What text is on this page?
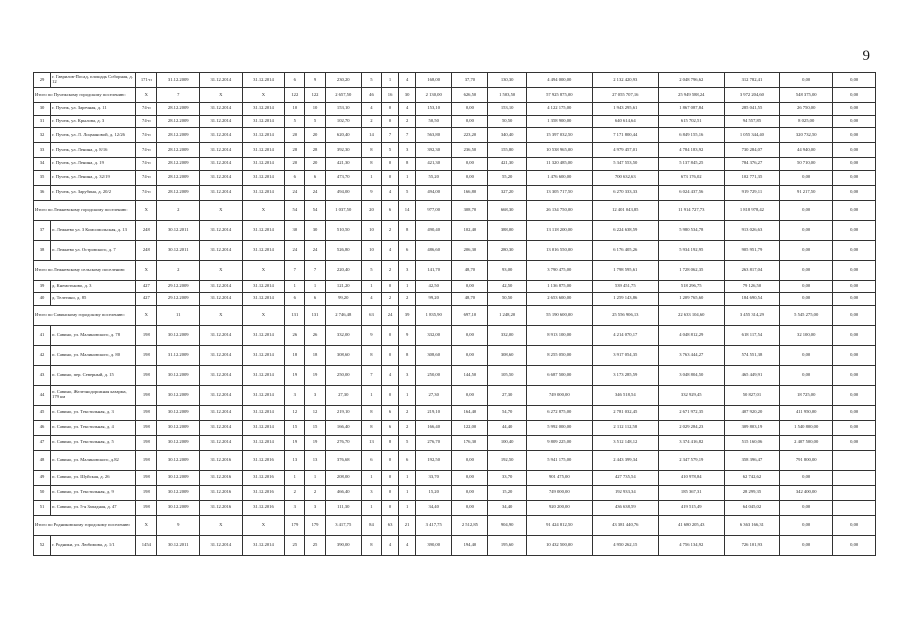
9
29	г. Гаврилов-Посад, площадь Соборная, д. 12	171-п	31.12.2009	31.12.2014	31.12.2014	6	9	230,20	5	1	4	168,00	37,70	130,30	4 494 000,00	2 132 420,93	2 048 796,62	312 782,41	0,00	0,00
Итого по Пучежскому городскому поселению:		X	7	X	X	122	122	2 657,50	46	16	30	2 130,00	626,50	1 503,50	57 925 875,00	27 055 707,16	25 949 588,24	3 972 204,60	548 375,00	0,00
30	г. Пучеж, ул. Заречная, д. 11	74-п	28.12.2009	31.12.2014	31.12.2014	10	10	153,10	4	0	4	153,10	0,00	153,10	4 122 175,00	1 943 295,61	1 867 087,84	285 041,55	26 750,00	0,00
31	г. Пучеж, ул. Крылова, д. 3	74-п	28.12.2009	31.12.2014	31.12.2014	5	5	102,70	2	0	2	50,50	0,00	50,50	1 358 900,00	640 614,64	615 702,51	94 557,85	8 025,00	0,00
32	г. Пучеж, ул. Л. Лоцмановой, д. 12/26	74-п	28.12.2009	31.12.2014	31.12.2014	20	20	620,40	14	7	7	563,80	223,20	340,40	15 397 032,50	7 171 800,44	6 849 155,16	1 055 344,40	320 732,50	0,00
33	г. Пучеж, ул. Ленина, д. 8/16	74-п	28.12.2009	31.12.2014	31.12.2014	28	28	392,30	8	5	3	392,30	236,50	155,80	10 538 965,00	4 979 457,01	4 784 183,92	730 284,07	44 940,00	0,00
34	г. Пучеж, ул. Ленина, д. 19	74-п	28.12.2009	31.12.2014	31.12.2014	20	20	421,30	8	0	8	421,30	0,00	421,30	11 320 485,00	5 347 553,50	5 137 845,25	784 376,27	50 710,00	0,00
35	г. Пучеж, ул. Ленина, д. 32/19	74-п	28.12.2009	31.12.2014	31.12.2014	6	6	473,70	1	0	1	55,20	0,00	55,20	1 476 600,00	700 632,63	673 176,02	102 771,35	0,00	0,00
36	г. Пучеж, ул. Зарубина, д. 20/2	74-п	28.12.2009	31.12.2014	31.12.2014	24	24	494,00	9	4	5	494,00	166,80	327,20	13 305 717,50	6 270 333,33	6 024 437,56	919 729,11	91 217,50	0,00
Итого по Лежневскому городскому поселению:		X	2	X	X	54	54	1 037,50	20	6	14	977,00	308,70	668,30	26 134 750,00	12 401 043,85	11 914 727,73	1 818 978,42	0,00	0,00
37	п. Лежнево ул. 3 Комсомольская, д. 13	248	30.12.2011	31.12.2014	31.12.2014	30	30	510,50	10	2	8	490,40	102,40	388,00	13 118 200,00	6 224 638,59	5 980 534,78	913 026,63	0,00	0,00
38	п. Лежнево ул. Островского, д. 7	248	30.12.2011	31.12.2014	31.12.2014	24	24	526,80	10	4	6	486,60	206,30	280,30	13 016 550,00	6 176 405,26	5 934 192,95	905 951,79	0,00	0,00
Итого по Лежневскому сельскому поселению:		X	2	X	X	7	7	220,40	5	2	3	141,70	48,70	93,00	3 790 475,00	1 798 595,61	1 728 062,35	263 817,04	0,00	0,00
39	д. Кнемотьково, д. 3	427	29.12.2009	31.12.2014	31.12.2014	1	1	121,20	1	0	1	42,50	0,00	42,50	1 136 875,00	539 451,75	518 296,75	79 126,50	0,00	0,00
40	д. Телегино, д. 85	427	29.12.2009	31.12.2014	31.12.2014	6	6	99,20	4	2	2	99,20	48,70	50,50	2 653 600,00	1 259 143,86	1 209 765,60	184 690,54	0,00	0,00
Итого по Савинскому городскому поселению:		X	11	X	X	131	131	2 746,48	63	24	39	1 835,90	697,10	1 248,20	55 190 600,00	25 556 906,13	22 633 104,60	3 455 314,29	5 545 275,00	0,00
41	п. Савино, ул. Малиновского, д. 78	198	30.12.2009	31.12.2014	31.12.2014	26	26	332,00	9	0	9	332,00	0,00	332,00	8 913 100,00	4 214 070,17	4 048 812,29	618 117,54	32 100,00	0,00
42	п. Савино, ул. Малиновского, д. 80	198	31.12.2009	31.12.2014	31.12.2014	18	18	308,60	8	0	8	308,60	0,00	308,60	8 255 050,00	3 917 054,35	3 763 444,27	574 551,38	0,00	0,00
43	п. Савино, пер. Северный, д. 15	198	30.12.2009	31.12.2014	31.12.2014	19	19	250,00	7	4	3	250,00	144,50	105,50	6 687 500,00	3 173 285,59	3 048 804,50	465 449,91	0,00	0,00
44	п. Савино, Железнодорожная казарма, 179 км	198	30.12.2009	31.12.2014	31.12.2014	3	3	27,30	1	0	1	27,30	0,00	27,30	749 000,00	346 518,54	332 929,45	50 827,01	18 725,00	0,00
45	п. Савино, ул. Текстильная, д. 3	198	30.12.2009	31.12.2014	31.12.2014	12	12	219,10	8	6	2	219,10	164,40	54,70	6 272 875,00	2 781 032,45	2 671 972,35	407 920,20	411 950,00	0,00
46	п. Савино, ул. Текстильная, д. 4	198	30.12.2009	31.12.2014	31.12.2014	15	15	166,40	8	6	2	166,40	122,00	44,40	5 992 000,00	2 112 112,58	2 029 284,23	309 803,19	1 540 800,00	0,00
47	п. Савино, ул. Текстильная, д. 5	198	30.12.2009	31.12.2014	31.12.2014	19	19	276,70	13	8	5	276,70	176,30	100,40	9 809 225,00	3 512 148,12	3 374 416,82	515 160,06	2 407 500,00	0,00
48	п. Савино, ул. Малиновского, д.82	198	30.12.2009	31.12.2016	31.12.2016	13	13	376,68	6	0	6	192,50	0,00	192,50	5 941 175,00	2 443 399,34	2 347 579,19	358 396,47	791 800,00	
49	п. Савино, ул. Шуйская, д. 26	198	30.12.2009	31.12.2016	31.12.2016	1	1	208,00	1	0	1	33,70	0,00	33,70	901 475,00	427 735,54	410 978,84	62 742,62	0,00	
50	п. Савино, ул. Текстильная, д. 9	198	30.12.2009	31.12.2016	31.12.2016	2	2	466,40	3	0	1	15,20	0,00	15,20	749 000,00	192 933,34	185 367,31	28 299,35	342 400,00	
51	п. Савино, ул. 5-я Западная, д. 47	198	30.12.2009	31.12.2016	31.12.2016	3	3	111,30	1	0	1	34,40	0,00	34,40	920 200,00	436 638,59	419 515,49	64 045,02	0,00	
Итого по Родниковскому городскому поселению		X	9	X	X	179	179	3 417,75	84	63	21	3 417,75	2 512,85	904,90	91 424 812,50	43 381 440,76	41 680 205,43	6 363 166,31	0,00	0,00
52	г. Родники, ул. Любимова, д. 1/1	1454	30.12.2011	31.12.2014	31.12.2014	25	25	390,00	8	4	4	390,00	194,40	195,60	10 432 500,00	4 950 262,15	4 756 134,92	726 101,93	0,00	0,00
